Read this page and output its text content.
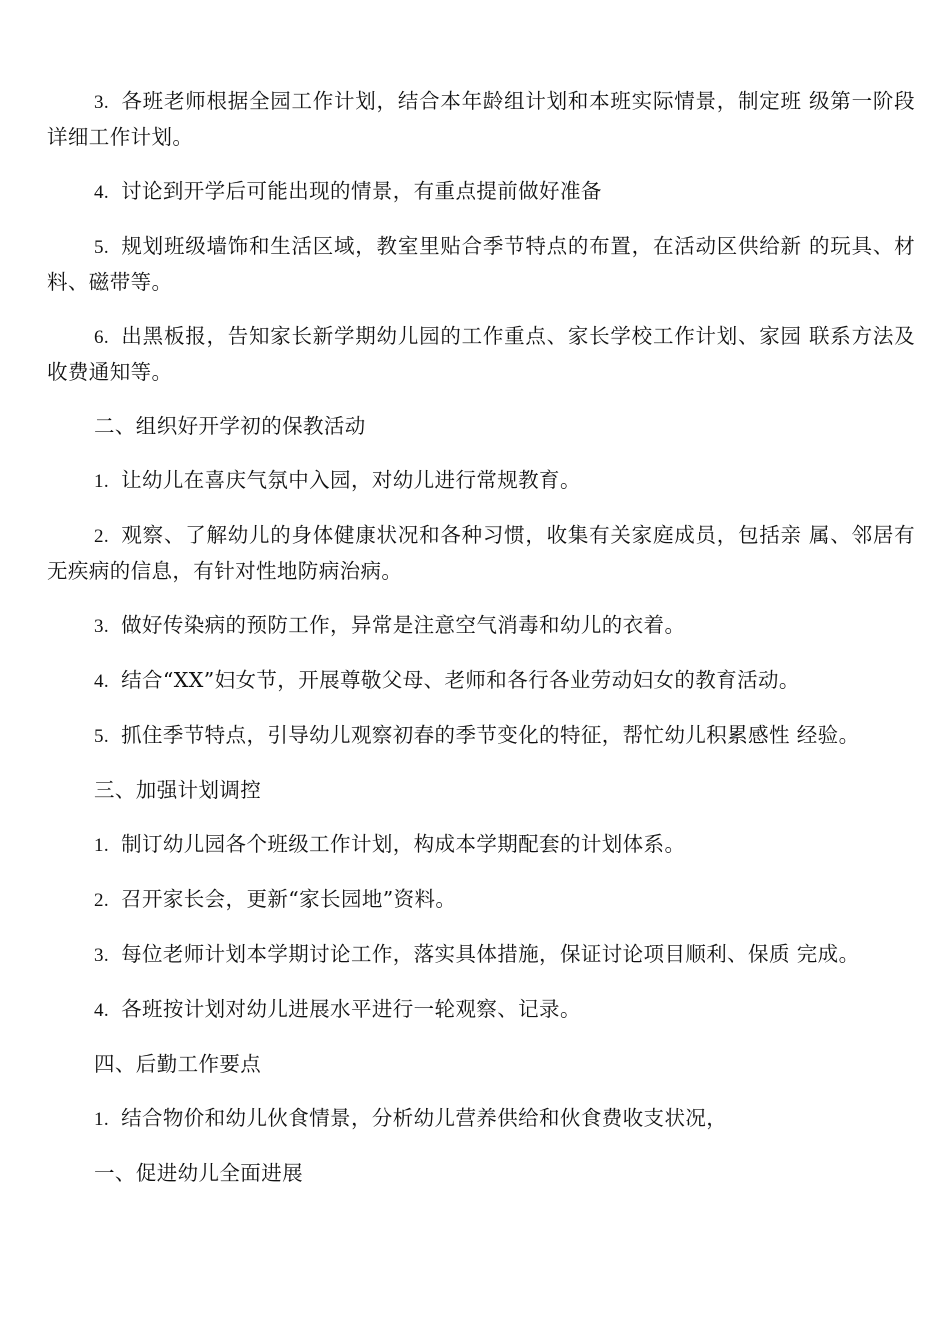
3. 各班老师根据全园工作计划，结合本年龄组计划和本班实际情景，制定班 级第一阶段详细工作计划。

4. 讨论到开学后可能出现的情景，有重点提前做好准备

5. 规划班级墙饰和生活区域，教室里贴合季节特点的布置，在活动区供给新 的玩具、材料、磁带等。

6. 出黑板报，告知家长新学期幼儿园的工作重点、家长学校工作计划、家园 联系方法及收费通知等。

二、组织好开学初的保教活动

1. 让幼儿在喜庆气氛中入园，对幼儿进行常规教育。

2. 观察、了解幼儿的身体健康状况和各种习惯，收集有关家庭成员，包括亲 属、邻居有无疾病的信息，有针对性地防病治病。

3. 做好传染病的预防工作，异常是注意空气消毒和幼儿的衣着。

4. 结合“XX”妇女节，开展尊敬父母、老师和各行各业劳动妇女的教育活动。

5. 抓住季节特点，引导幼儿观察初春的季节变化的特征，帮忙幼儿积累感性 经验。

三、加强计划调控

1. 制订幼儿园各个班级工作计划，构成本学期配套的计划体系。

2. 召开家长会，更新“家长园地”资料。

3. 每位老师计划本学期讨论工作，落实具体措施，保证讨论项目顺利、保质 完成。

4. 各班按计划对幼儿进展水平进行一轮观察、记录。

四、后勤工作要点

1. 结合物价和幼儿伙食情景，分析幼儿营养供给和伙食费收支状况，

一、促进幼儿全面进展
